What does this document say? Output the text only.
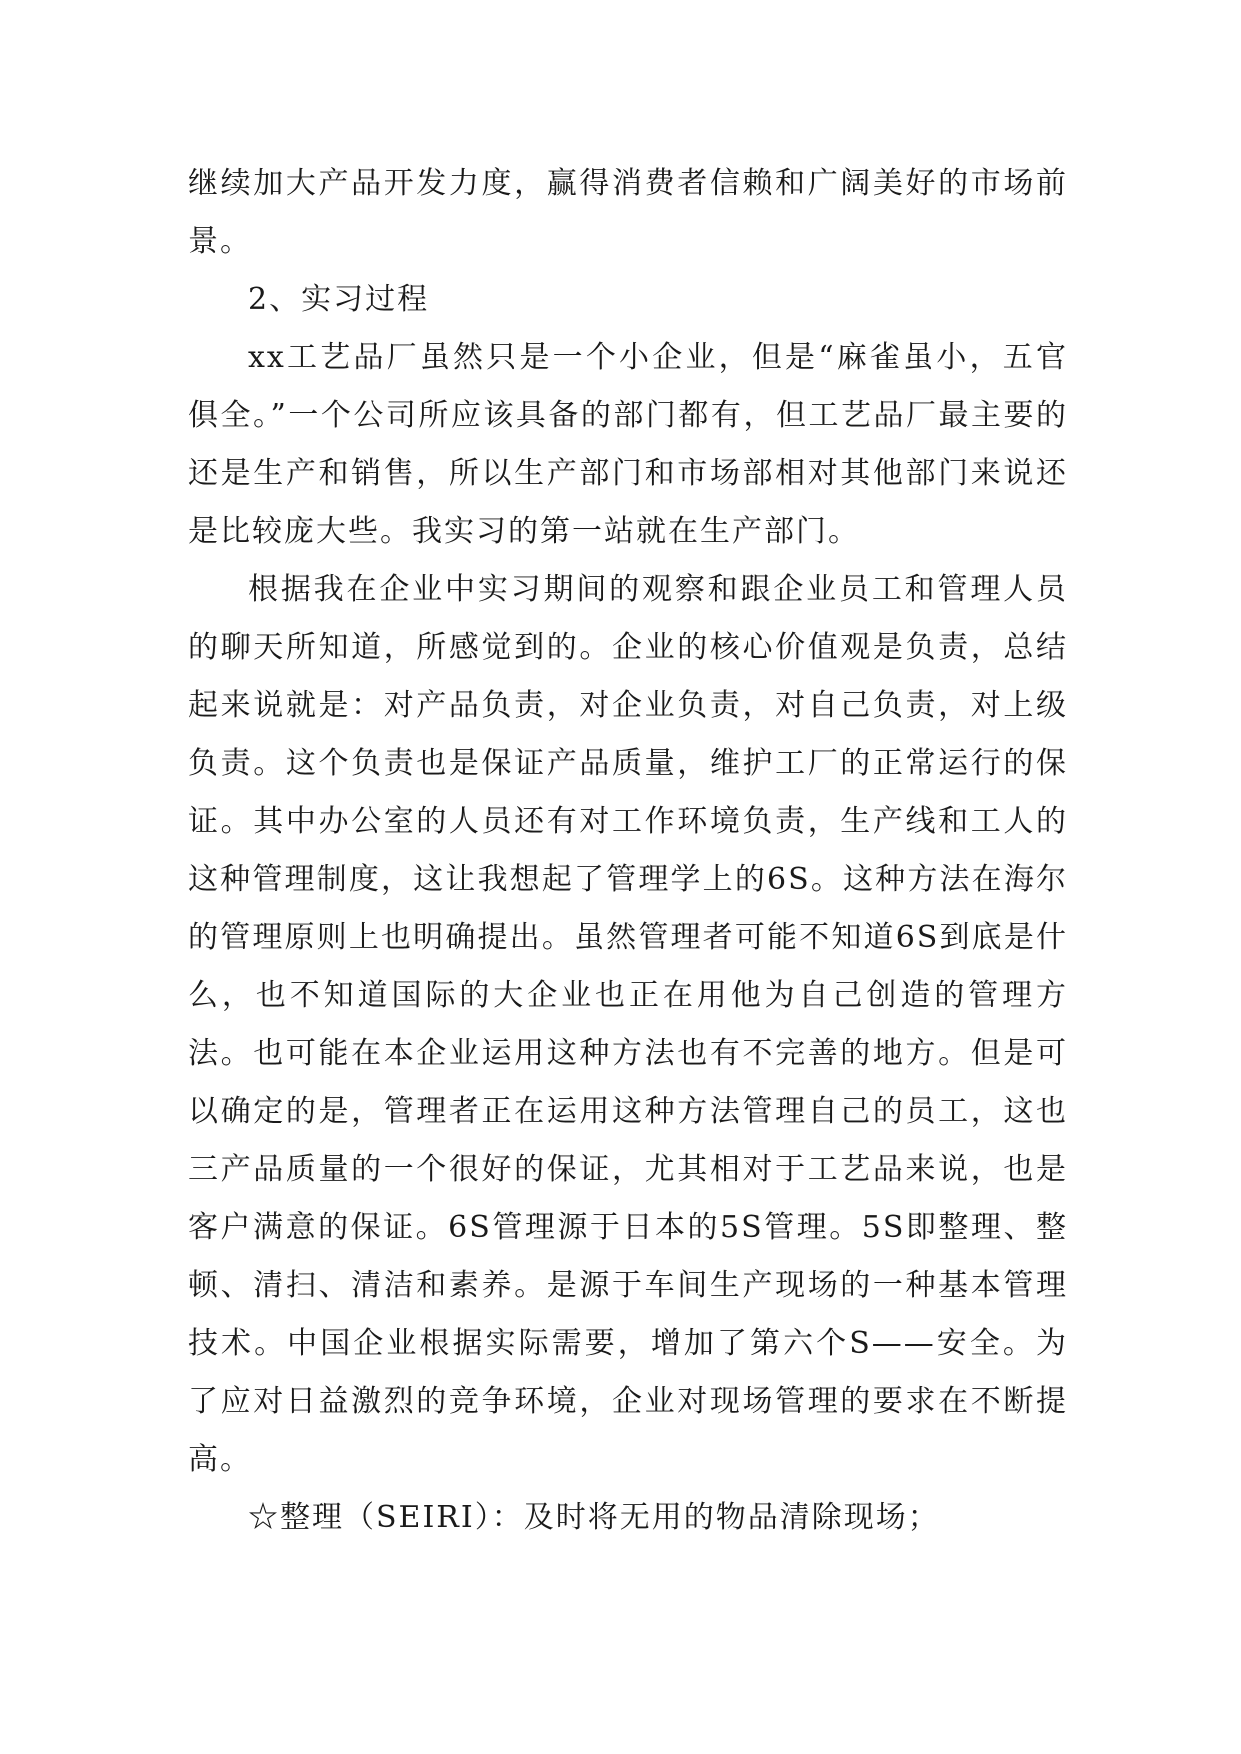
继续加大产品开发力度，赢得消费者信赖和广阔美好的市场前景。

2、实习过程

xx工艺品厂虽然只是一个小企业，但是“麻雀虽小，五官俱全。”一个公司所应该具备的部门都有，但工艺品厂最主要的还是生产和销售，所以生产部门和市场部相对其他部门来说还是比较庞大些。我实习的第一站就在生产部门。

根据我在企业中实习期间的观察和跟企业员工和管理人员的聊天所知道，所感觉到的。企业的核心价值观是负责，总结起来说就是：对产品负责，对企业负责，对自己负责，对上级负责。这个负责也是保证产品质量，维护工厂的正常运行的保证。其中办公室的人员还有对工作环境负责，生产线和工人的这种管理制度，这让我想起了管理学上的6S。这种方法在海尔的管理原则上也明确提出。虽然管理者可能不知道6S到底是什么，也不知道国际的大企业也正在用他为自己创造的管理方法。也可能在本企业运用这种方法也有不完善的地方。但是可以确定的是，管理者正在运用这种方法管理自己的员工，这也三产品质量的一个很好的保证，尤其相对于工艺品来说，也是客户满意的保证。6S管理源于日本的5S管理。5S即整理、整顿、清扫、清洁和素养。是源于车间生产现场的一种基本管理技术。中国企业根据实际需要，增加了第六个S——安全。为了应对日益激烈的竞争环境，企业对现场管理的要求在不断提高。

☆整理（SEIRI）：及时将无用的物品清除现场；
